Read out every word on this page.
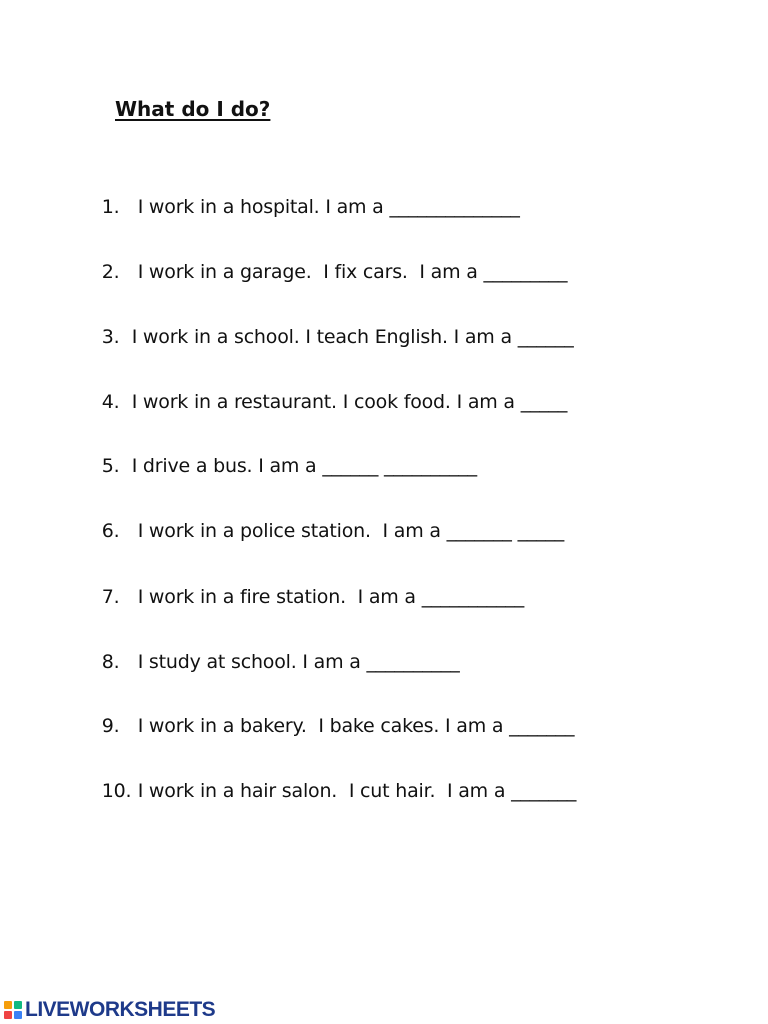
What do I do?

1. I work in a hospital. I am a ______________

2. I work in a garage.  I fix cars.  I am a _________

3. I work in a school. I teach English. I am a ______

4. I work in a restaurant. I cook food. I am a _____

5. I drive a bus. I am a ______ __________

6. I work in a police station.  I am a _______ _____

7. I work in a fire station.  I am a ___________

8. I study at school. I am a __________

9. I work in a bakery.  I bake cakes. I am a _______

10. I work in a hair salon.  I cut hair.  I am a _______

LIVEWORKSHEETS
